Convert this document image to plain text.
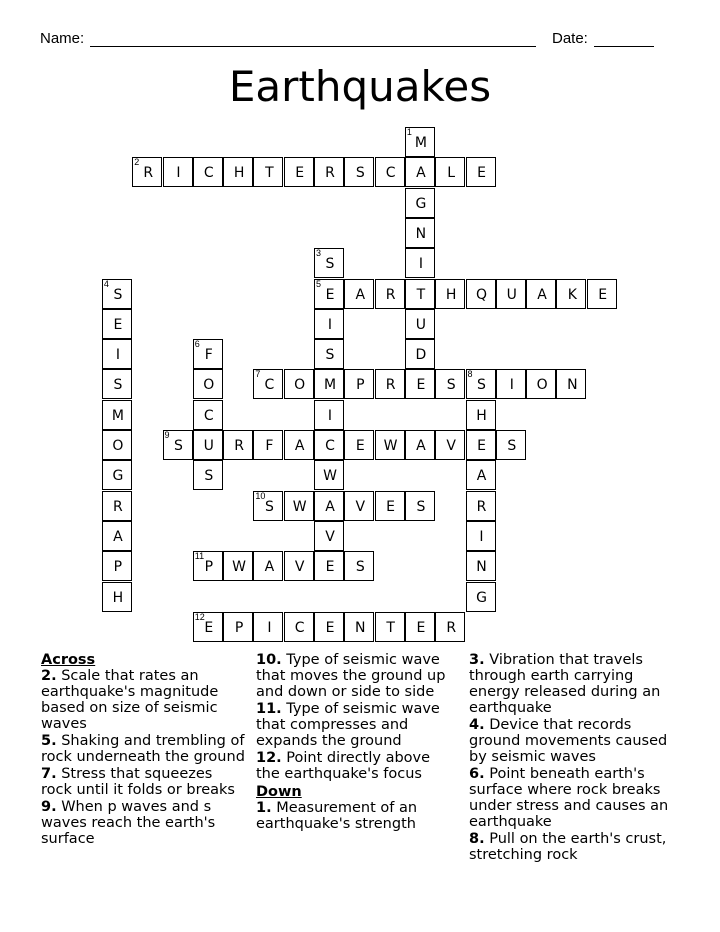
Name:	Date:
Earthquakes
1
M
A
G
N
I
T
U
D
E
2
R	I	C	H	T	E	R	S	C	L	E
3
S
5
E
I
S
M
I
C
W
A
V
E
4
S
E
I
S
M
O
G
R
A
P
H
A	R	H	Q	U	A	K	E
6
F
O
C
U
S
7
C	O	P	R	S
8
S	I	O	N
H
E
A
R
I
N
G
9
S	R	F	A	E	W	A	V	S
10
S	W	V	E	S
11
P	W	A	V	S
12
E	P	I	C	E	N	T	E	R
Across
2. Scale that rates an earthquake's magnitude based on size of seismic waves
5. Shaking and trembling of rock underneath the ground
7. Stress that squeezes rock until it folds or breaks
9. When p waves and s waves reach the earth's surface
10. Type of seismic wave that moves the ground up and down or side to side
11. Type of seismic wave that compresses and expands the ground
12. Point directly above the earthquake's focus
Down
1. Measurement of an earthquake's strength
3. Vibration that travels through earth carrying energy released during an earthquake
4. Device that records ground movements caused by seismic waves
6. Point beneath earth's surface where rock breaks under stress and causes an earthquake
8. Pull on the earth's crust, stretching rock
